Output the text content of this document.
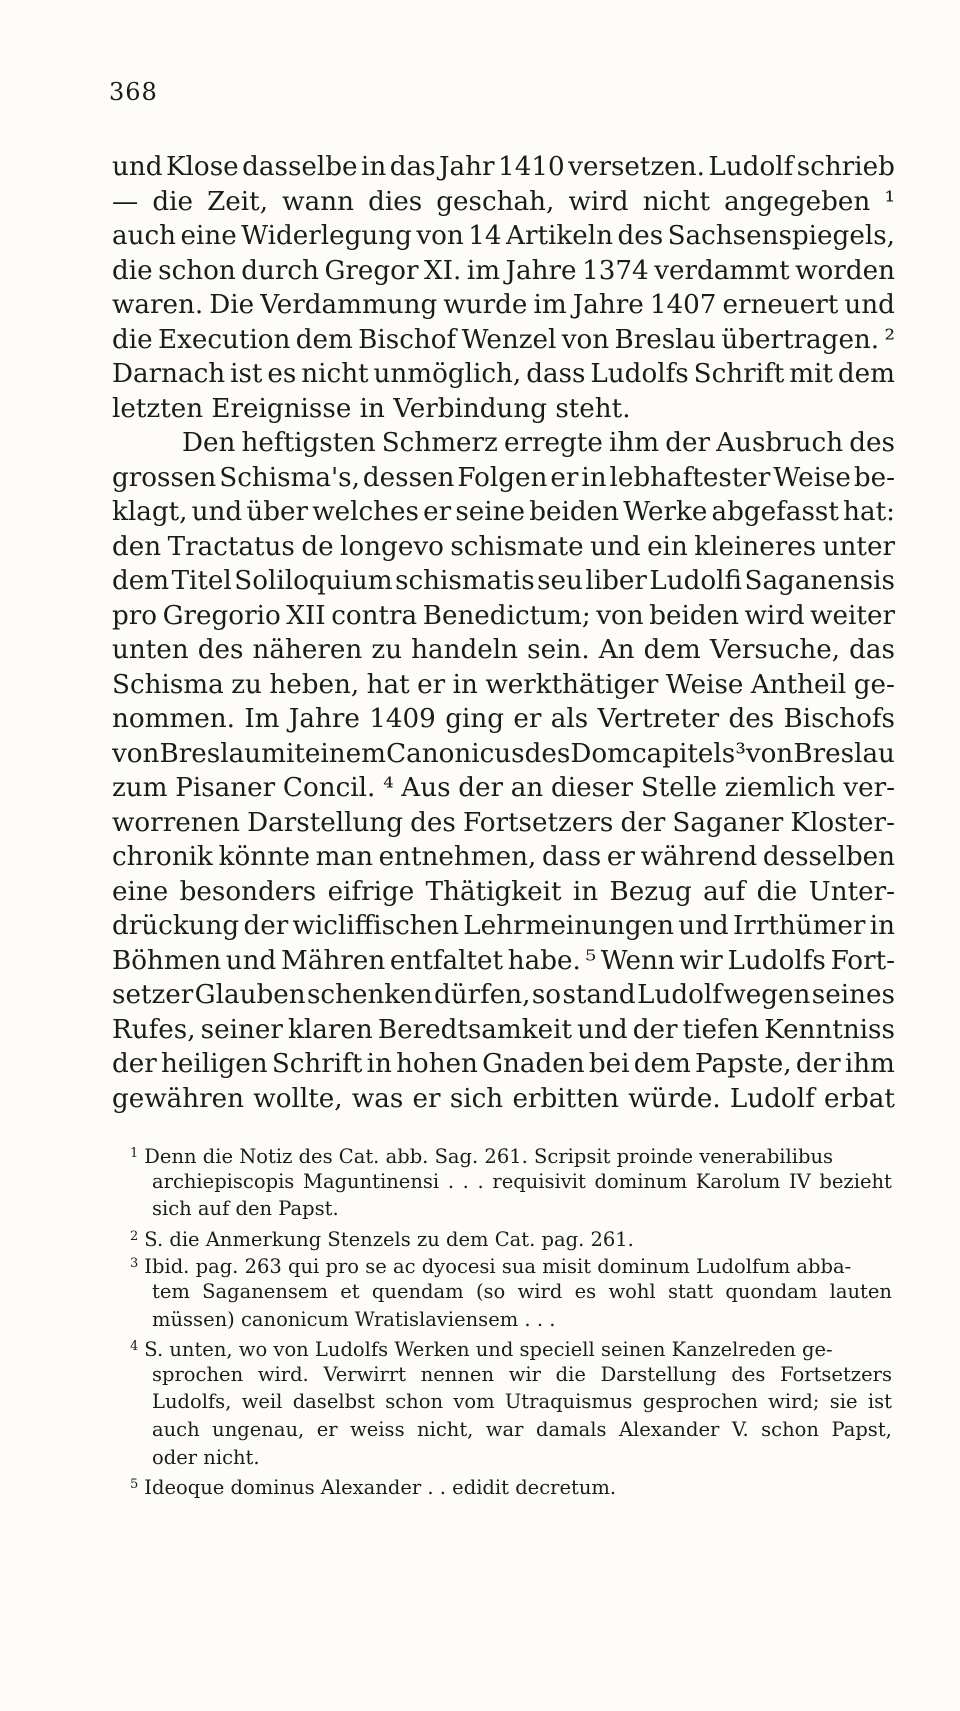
368
und Klose dasselbe in das Jahr 1410 versetzen. Ludolf schrieb
— die Zeit, wann dies geschah, wird nicht angegeben ¹
auch eine Widerlegung von 14 Artikeln des Sachsenspiegels,
die schon durch Gregor XI. im Jahre 1374 verdammt worden
waren. Die Verdammung wurde im Jahre 1407 erneuert und
die Execution dem Bischof Wenzel von Breslau übertragen. ²
Darnach ist es nicht unmöglich, dass Ludolfs Schrift mit dem
letzten
Ereignisse
in
Verbindung
steht.
Den heftigsten Schmerz erregte ihm der Ausbruch des
grossen Schisma's, dessen Folgen er in lebhaftester Weise be-
klagt, und über welches er seine beiden Werke abgefasst hat:
den Tractatus de longevo schismate und ein kleineres unter
dem Titel Soliloquium schismatis seu liber Ludolfi Saganensis
pro Gregorio XII contra Benedictum; von beiden wird weiter
unten des näheren zu handeln sein. An dem Versuche, das
Schisma zu heben, hat er in werkthätiger Weise Antheil ge-
nommen. Im Jahre 1409 ging er als Vertreter des Bischofs
von Breslau mit einem Canonicus des Domcapitels ³ von Breslau
zum Pisaner Concil. ⁴ Aus der an dieser Stelle ziemlich ver-
worrenen Darstellung des Fortsetzers der Saganer Kloster-
chronik könnte man entnehmen, dass er während desselben
eine besonders eifrige Thätigkeit in Bezug auf die Unter-
drückung der wicliffischen Lehrmeinungen und Irrthümer in
Böhmen und Mähren entfaltet habe. ⁵ Wenn wir Ludolfs Fort-
setzer Glauben schenken dürfen, so stand Ludolf wegen seines
Rufes, seiner klaren Beredtsamkeit und der tiefen Kenntniss
der heiligen Schrift in hohen Gnaden bei dem Papste, der ihm
gewähren wollte, was er sich erbitten würde. Ludolf erbat
$^1$ Denn die Notiz des Cat. abb. Sag. 261. Scripsit proinde venerabilibus
archiepiscopis Maguntinensi . . . requisivit dominum Karolum IV bezieht
sich auf den Papst.
$^2$ S. die Anmerkung Stenzels zu dem Cat. pag. 261.
$^3$ Ibid. pag. 263 qui pro se ac dyocesi sua misit dominum Ludolfum abba-
tem Saganensem et quendam (so wird es wohl statt quondam lauten
müssen) canonicum Wratislaviensem . . .
$^4$ S. unten, wo von Ludolfs Werken und speciell seinen Kanzelreden ge-
sprochen wird. Verwirrt nennen wir die Darstellung des Fortsetzers
Ludolfs, weil daselbst schon vom Utraquismus gesprochen wird; sie ist
auch ungenau, er weiss nicht, war damals Alexander V. schon Papst,
oder nicht.
$^5$ Ideoque dominus Alexander . . edidit decretum.
